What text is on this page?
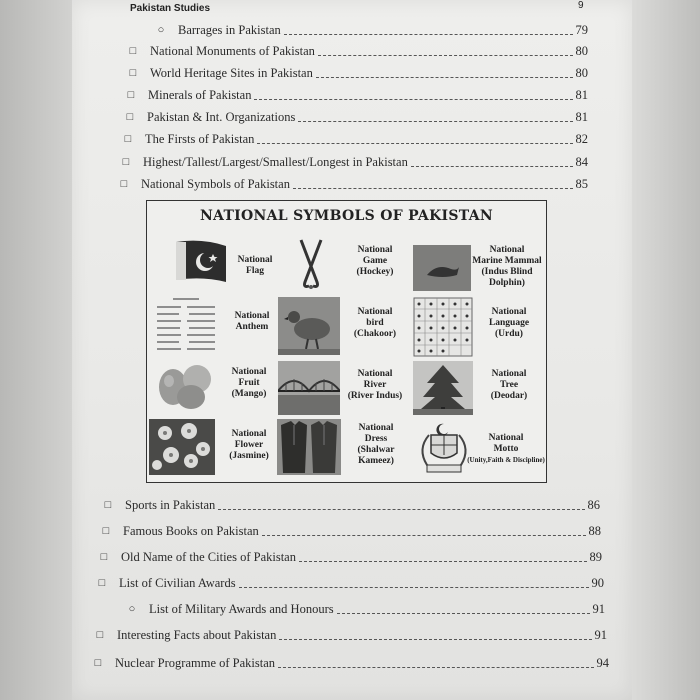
Pakistan Studies	9
○ Barrages in Pakistan	79
□ National Monuments of Pakistan	80
□ World Heritage Sites in Pakistan	80
□ Minerals of Pakistan	81
□ Pakistan & Int. Organizations	81
□ The Firsts of Pakistan	82
□ Highest/Tallest/Largest/Smallest/Longest in Pakistan	84
□ National Symbols of Pakistan	85
NATIONAL SYMBOLS OF PAKISTAN
National
Flag
National
Game
(Hockey)
National
Marine Mammal
(Indus Blind
Dolphin)
National
Anthem
National
bird
(Chakoor)
National
Language
(Urdu)
National
Fruit
(Mango)
National
River
(River Indus)
National
Tree
(Deodar)
National
Flower
(Jasmine)
National
Dress
(Shalwar
Kameez)
National
Motto
(Unity,Faith & Discipline)
□ Sports in Pakistan	86
□ Famous Books on Pakistan	88
□ Old Name of the Cities of Pakistan	89
□ List of Civilian Awards	90
○ List of Military Awards and Honours	91
□ Interesting Facts about Pakistan	91
□ Nuclear Programme of Pakistan	94
